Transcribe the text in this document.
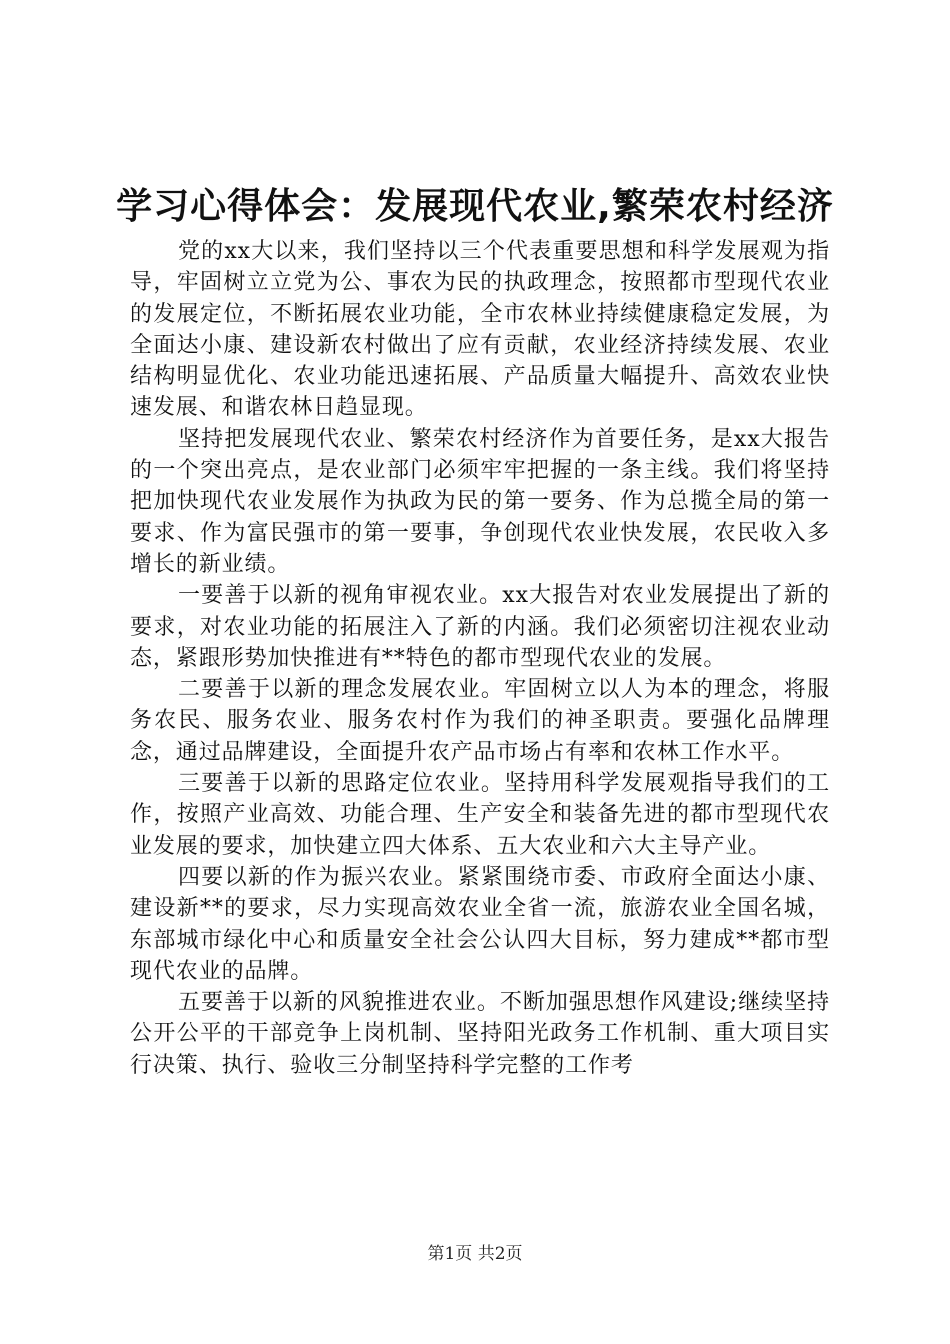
学习心得体会：发展现代农业,繁荣农村经济

党的xx大以来，我们坚持以三个代表重要思想和科学发展观为指导，牢固树立立党为公、事农为民的执政理念，按照都市型现代农业的发展定位，不断拓展农业功能，全市农林业持续健康稳定发展，为全面达小康、建设新农村做出了应有贡献，农业经济持续发展、农业结构明显优化、农业功能迅速拓展、产品质量大幅提升、高效农业快速发展、和谐农林日趋显现。

坚持把发展现代农业、繁荣农村经济作为首要任务，是xx大报告的一个突出亮点，是农业部门必须牢牢把握的一条主线。我们将坚持把加快现代农业发展作为执政为民的第一要务、作为总揽全局的第一要求、作为富民强市的第一要事，争创现代农业快发展，农民收入多增长的新业绩。

一要善于以新的视角审视农业。xx大报告对农业发展提出了新的要求，对农业功能的拓展注入了新的内涵。我们必须密切注视农业动态，紧跟形势加快推进有**特色的都市型现代农业的发展。

二要善于以新的理念发展农业。牢固树立以人为本的理念，将服务农民、服务农业、服务农村作为我们的神圣职责。要强化品牌理念，通过品牌建设，全面提升农产品市场占有率和农林工作水平。

三要善于以新的思路定位农业。坚持用科学发展观指导我们的工作，按照产业高效、功能合理、生产安全和装备先进的都市型现代农业发展的要求，加快建立四大体系、五大农业和六大主导产业。

四要以新的作为振兴农业。紧紧围绕市委、市政府全面达小康、建设新**的要求，尽力实现高效农业全省一流，旅游农业全国名城，东部城市绿化中心和质量安全社会公认四大目标，努力建成**都市型现代农业的品牌。

五要善于以新的风貌推进农业。不断加强思想作风建设;继续坚持公开公平的干部竞争上岗机制、坚持阳光政务工作机制、重大项目实行决策、执行、验收三分制坚持科学完整的工作考

第1页 共2页
